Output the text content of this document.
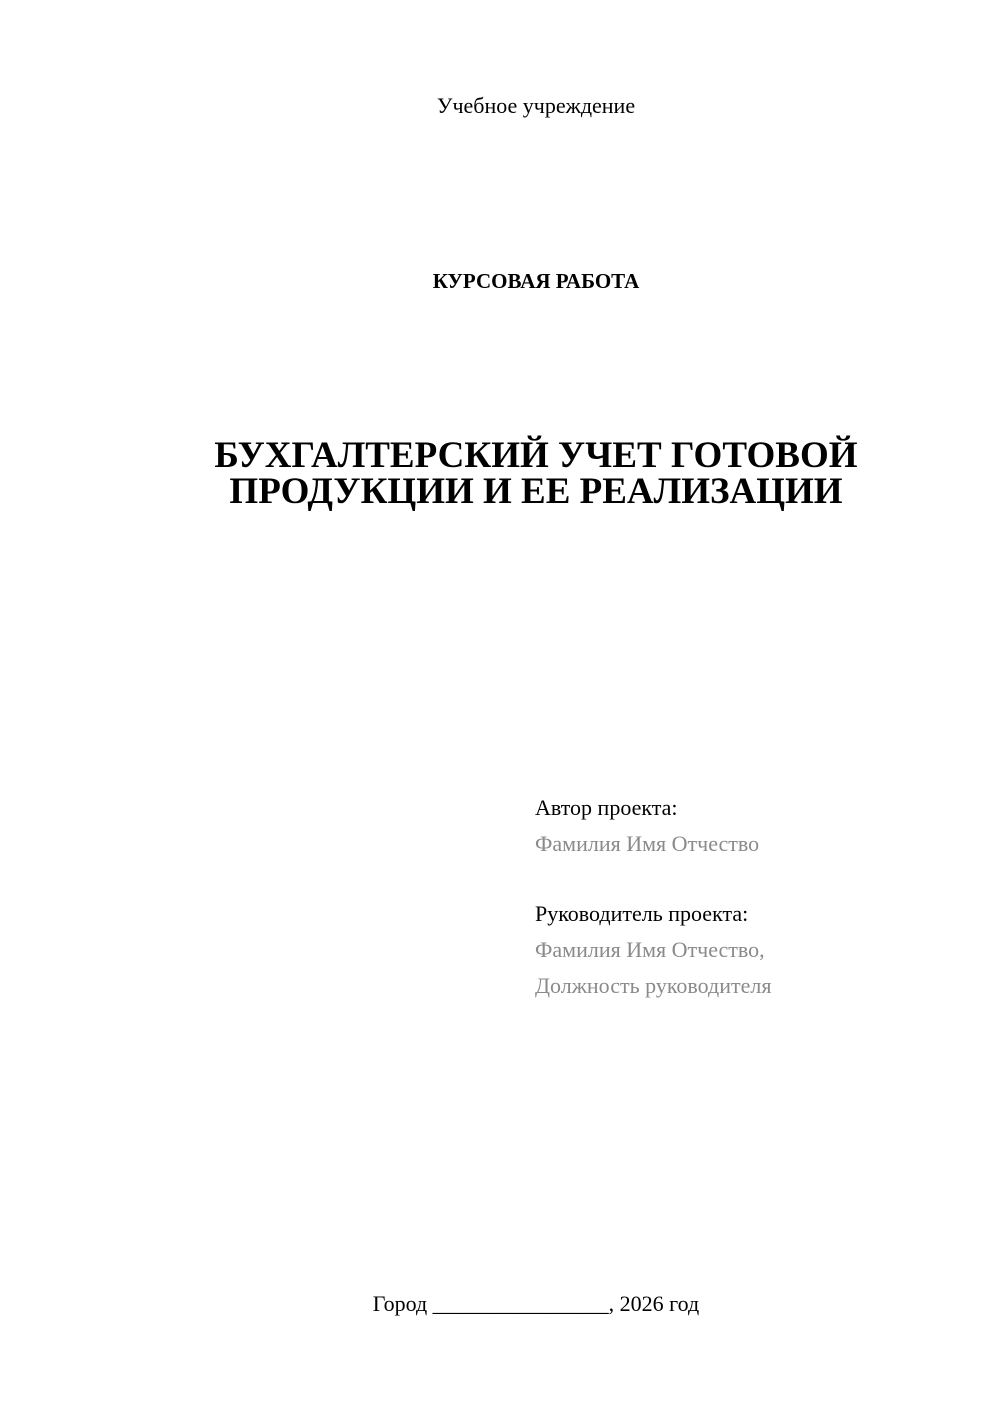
Учебное учреждение
КУРСОВАЯ РАБОТА
БУХГАЛТЕРСКИЙ УЧЕТ ГОТОВОЙ
ПРОДУКЦИИ И ЕЕ РЕАЛИЗАЦИИ
Автор проекта:
Фамилия Имя Отчество
Руководитель проекта:
Фамилия Имя Отчество,
Должность руководителя
Город ________________, 2026 год
